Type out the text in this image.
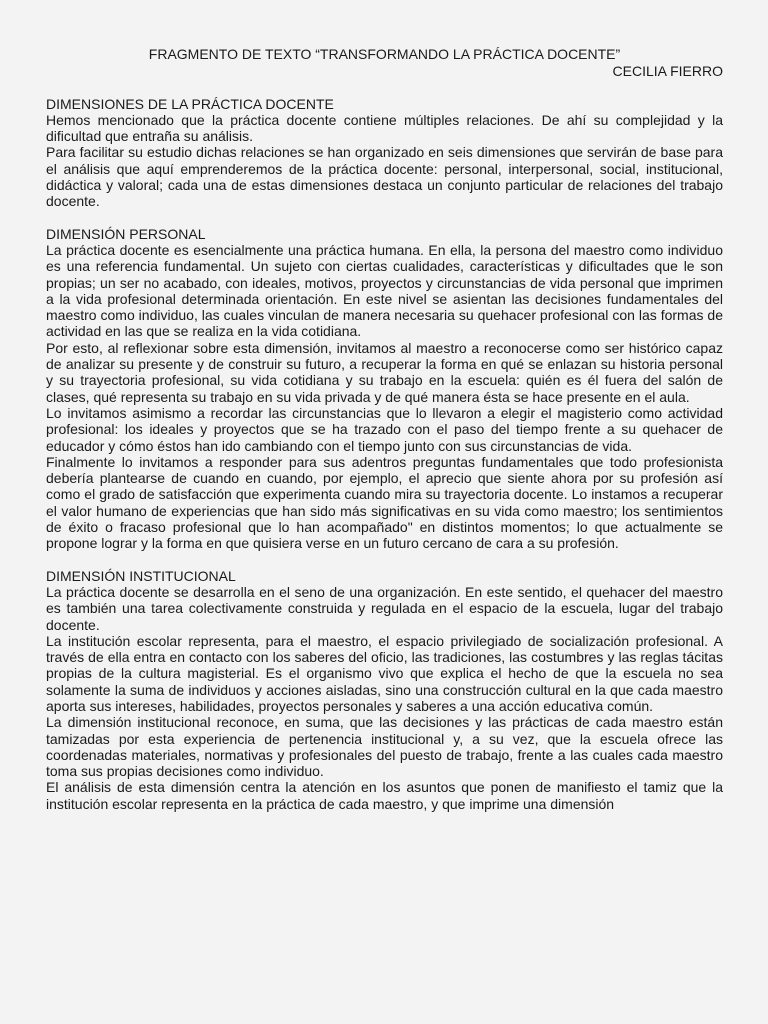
FRAGMENTO DE TEXTO “TRANSFORMANDO LA PRÁCTICA DOCENTE”
CECILIA FIERRO
DIMENSIONES DE LA PRÁCTICA DOCENTE

Hemos mencionado que la práctica docente contiene múltiples relaciones. De ahí su complejidad y la dificultad que entraña su análisis.

Para facilitar su estudio dichas relaciones se han organizado en seis dimensiones que servirán de base para el análisis que aquí emprenderemos de la práctica docente: personal, interpersonal, social, institucional, didáctica y valoral; cada una de estas dimensiones destaca un conjunto particular de relaciones del trabajo docente.

DIMENSIÓN PERSONAL

La práctica docente es esencialmente una práctica humana. En ella, la persona del maestro como individuo es una referencia fundamental. Un sujeto con ciertas cualidades, características y dificultades que le son propias; un ser no acabado, con ideales, motivos, proyectos y circunstancias de vida personal que imprimen a la vida profesional determinada orientación. En este nivel se asientan las decisiones fundamentales del maestro como individuo, las cuales vinculan de manera necesaria su quehacer profesional con las formas de actividad en las que se realiza en la vida cotidiana.

Por esto, al reflexionar sobre esta dimensión, invitamos al maestro a reconocerse como ser histórico capaz de analizar su presente y de construir su futuro, a recuperar la forma en qué se enlazan su historia personal y su trayectoria profesional, su vida cotidiana y su trabajo en la escuela: quién es él fuera del salón de clases, qué representa su trabajo en su vida privada y de qué manera ésta se hace presente en el aula.

Lo invitamos asimismo a recordar las circunstancias que lo llevaron a elegir el magisterio como actividad profesional: los ideales y proyectos que se ha trazado con el paso del tiempo frente a su quehacer de educador y cómo éstos han ido cambiando con el tiempo junto con sus circunstancias de vida.

Finalmente lo invitamos a responder para sus adentros preguntas fundamentales que todo profesionista debería plantearse de cuando en cuando, por ejemplo, el aprecio que siente ahora por su profesión así como el grado de satisfacción que experimenta cuando mira su trayectoria docente. Lo instamos a recuperar el valor humano de experiencias que han sido más significativas en su vida como maestro; los sentimientos de éxito o fracaso profesional que lo han acompañado" en distintos momentos; lo que actualmente se propone lograr y la forma en que quisiera verse en un futuro cercano de cara a su profesión.

DIMENSIÓN INSTITUCIONAL

La práctica docente se desarrolla en el seno de una organización. En este sentido, el quehacer del maestro es también una tarea colectivamente construida y regulada en el espacio de la escuela, lugar del trabajo docente.

La institución escolar representa, para el maestro, el espacio privilegiado de socialización profesional. A través de ella entra en contacto con los saberes del oficio, las tradiciones, las costumbres y las reglas tácitas propias de la cultura magisterial. Es el organismo vivo que explica el hecho de que la escuela no sea solamente la suma de individuos y acciones aisladas, sino una construcción cultural en la que cada maestro aporta sus intereses, habilidades, proyectos personales y saberes a una acción educativa común.

La dimensión institucional reconoce, en suma, que las decisiones y las prácticas de cada maestro están tamizadas por esta experiencia de pertenencia institucional y, a su vez, que la escuela ofrece las coordenadas materiales, normativas y profesionales del puesto de trabajo, frente a las cuales cada maestro toma sus propias decisiones como individuo.

El análisis de esta dimensión centra la atención en los asuntos que ponen de manifiesto el tamiz que la institución escolar representa en la práctica de cada maestro, y que imprime una dimensión
